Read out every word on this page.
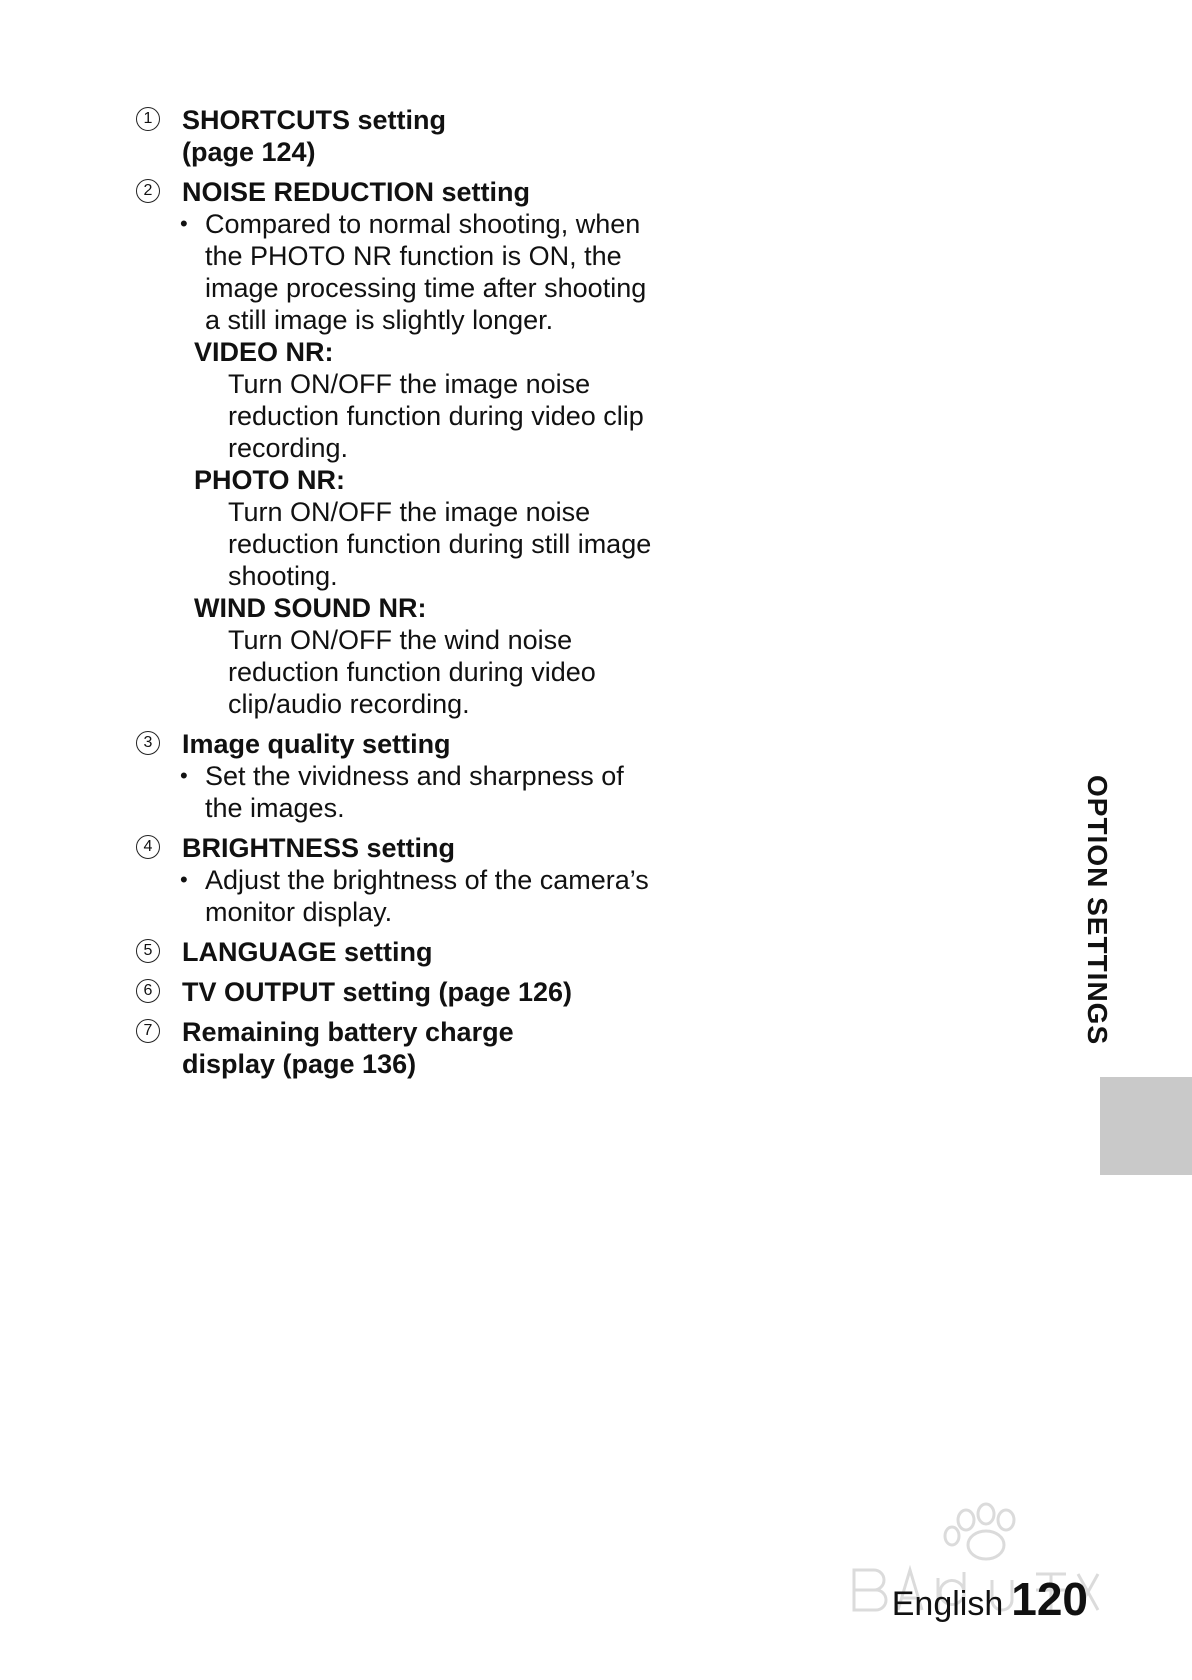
1 SHORTCUTS setting
(page 124)
2 NOISE REDUCTION setting
• Compared to normal shooting, when the PHOTO NR function is ON, the image processing time after shooting a still image is slightly longer.
VIDEO NR:
Turn ON/OFF the image noise reduction function during video clip recording.
PHOTO NR:
Turn ON/OFF the image noise reduction function during still image shooting.
WIND SOUND NR:
Turn ON/OFF the wind noise reduction function during video clip/audio recording.
3 Image quality setting
• Set the vividness and sharpness of the images.
4 BRIGHTNESS setting
• Adjust the brightness of the camera’s monitor display.
5 LANGUAGE setting
6 TV OUTPUT setting (page 126)
7 Remaining battery charge
display (page 136)
OPTION SETTINGS
English 120
